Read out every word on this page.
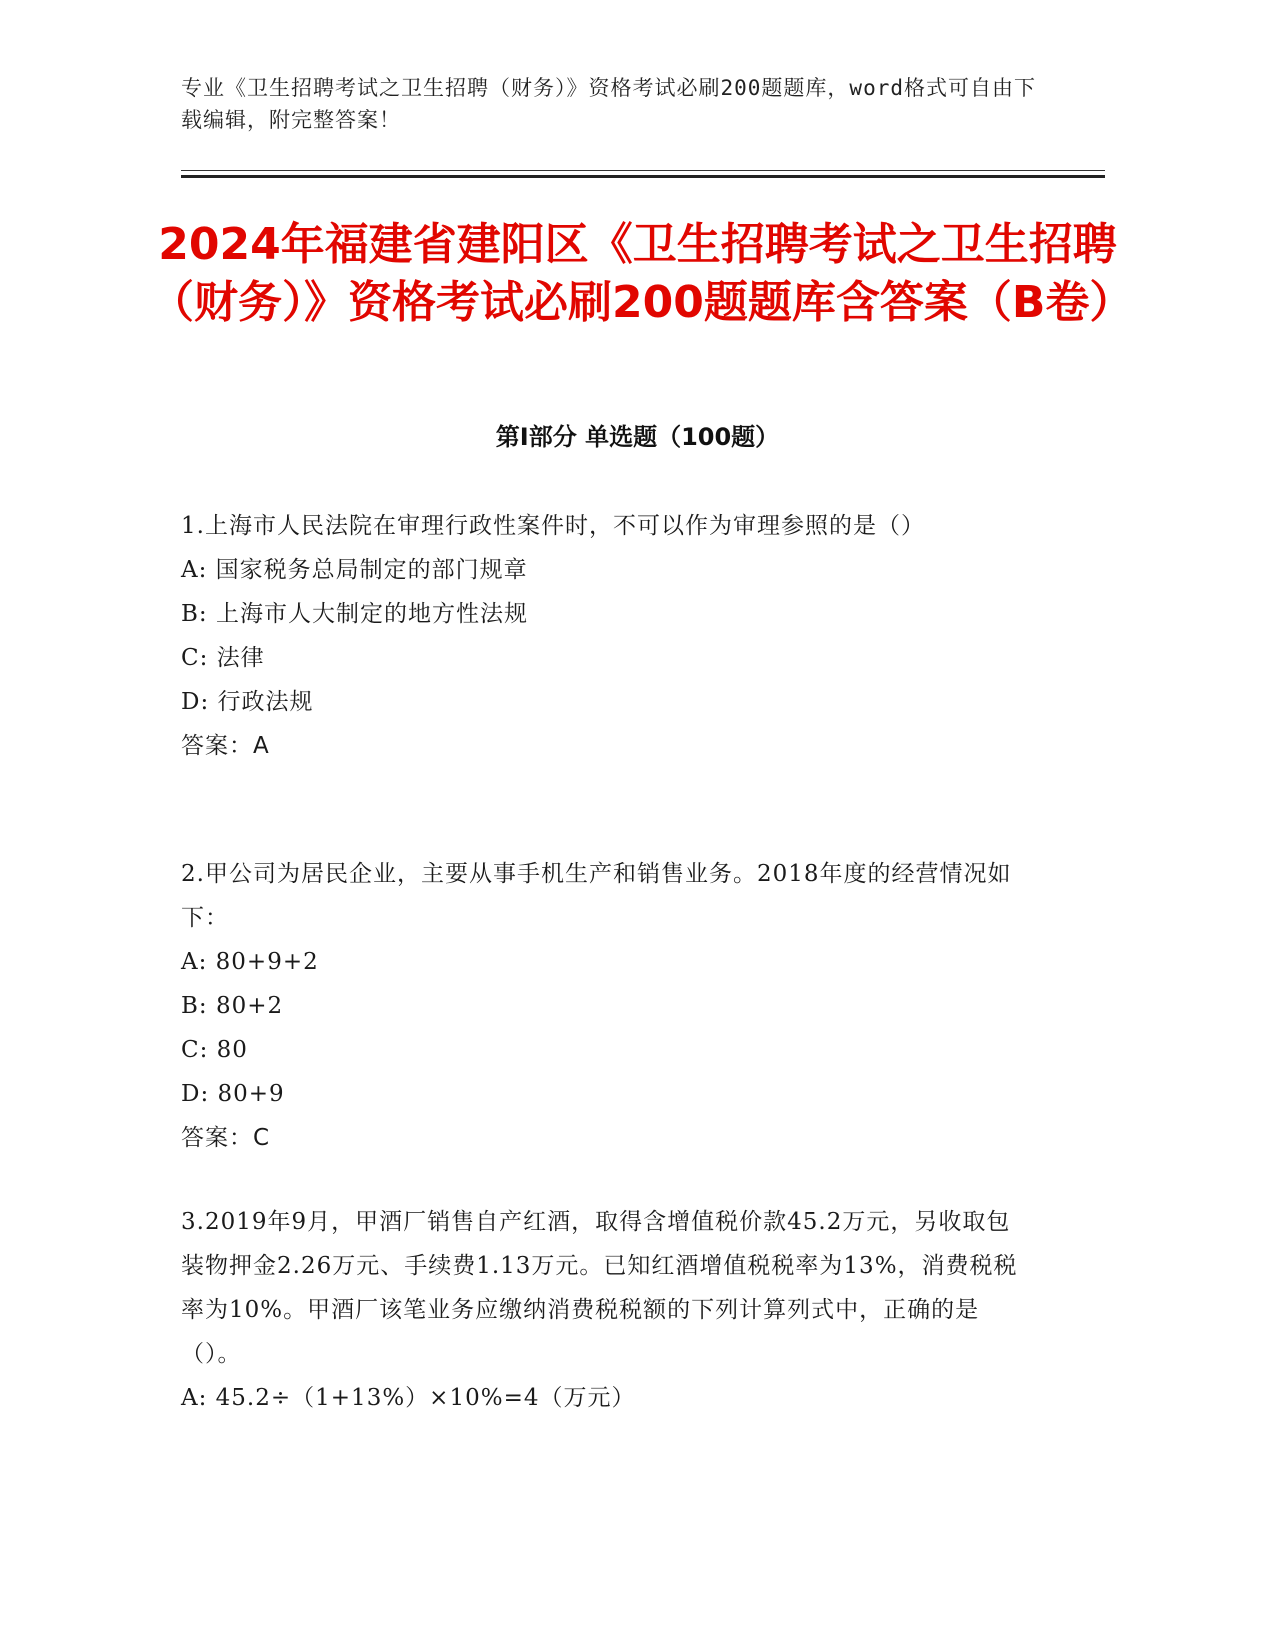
专业《卫生招聘考试之卫生招聘（财务）》资格考试必刷200题题库，word格式可自由下载编辑，附完整答案！
2024年福建省建阳区《卫生招聘考试之卫生招聘（财务）》资格考试必刷200题题库含答案（B卷）
第Ⅰ部分 单选题（100题）

1.上海市人民法院在审理行政性案件时，不可以作为审理参照的是（）

A: 国家税务总局制定的部门规章

B: 上海市人大制定的地方性法规

C: 法律

D: 行政法规

答案：A

2.甲公司为居民企业，主要从事手机生产和销售业务。2018年度的经营情况如下：

A: 80+9+2

B: 80+2

C: 80

D: 80+9

答案：C

3.2019年9月，甲酒厂销售自产红酒，取得含增值税价款45.2万元，另收取包装物押金2.26万元、手续费1.13万元。已知红酒增值税税率为13%，消费税税率为10%。甲酒厂该笔业务应缴纳消费税税额的下列计算列式中，正确的是（）。

A: 45.2÷（1+13%）×10%=4（万元）
